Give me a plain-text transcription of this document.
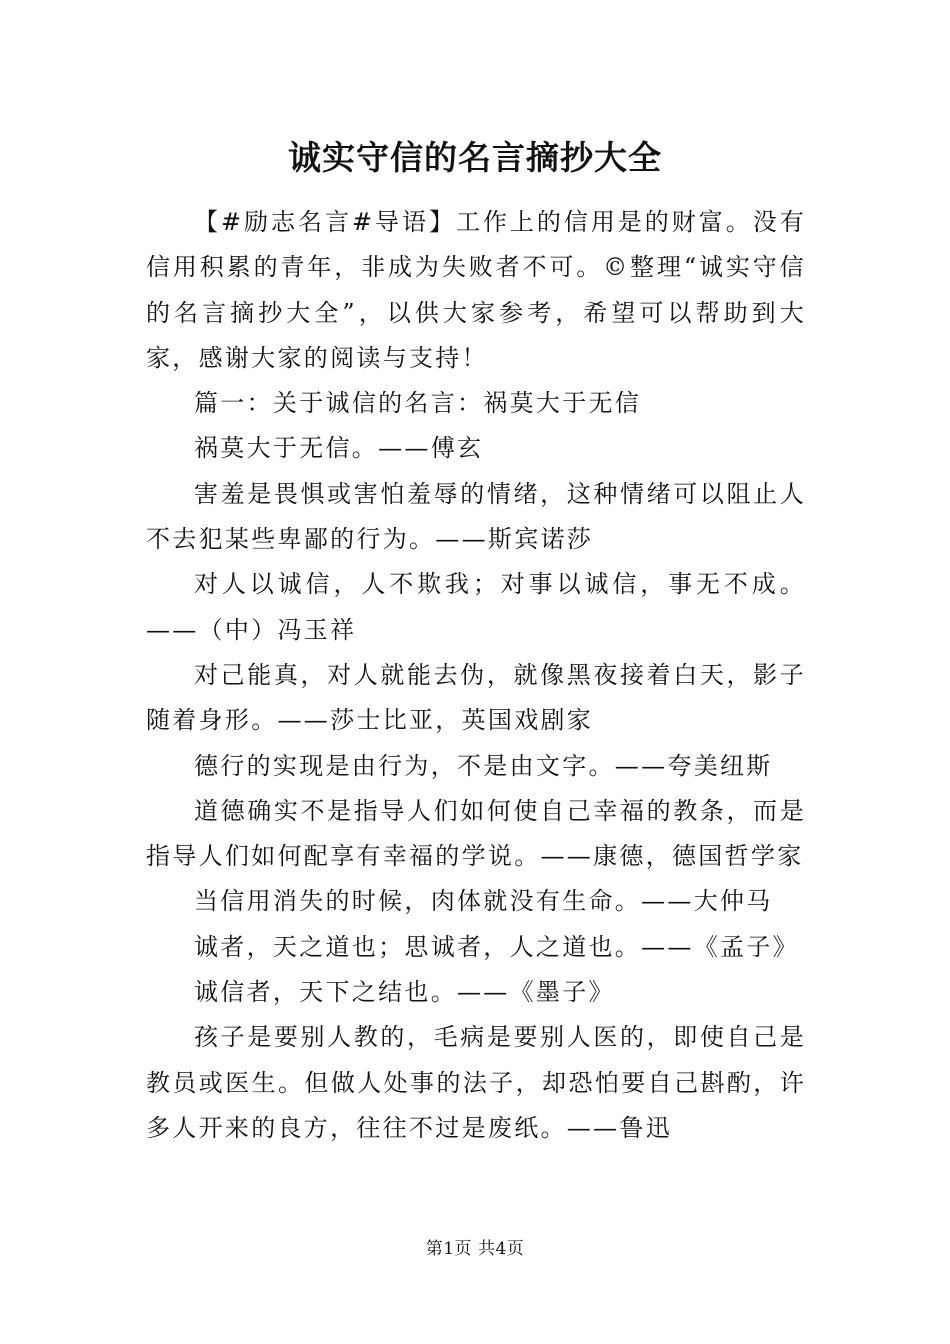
诚实守信的名言摘抄大全

【#励志名言#导语】工作上的信用是的财富。没有信用积累的青年，非成为失败者不可。©整理“诚实守信的名言摘抄大全”，以供大家参考，希望可以帮助到大家，感谢大家的阅读与支持！

篇一：关于诚信的名言：祸莫大于无信

祸莫大于无信。——傅玄

害羞是畏惧或害怕羞辱的情绪，这种情绪可以阻止人不去犯某些卑鄙的行为。——斯宾诺莎

对人以诚信，人不欺我；对事以诚信，事无不成。——（中）冯玉祥

对己能真，对人就能去伪，就像黑夜接着白天，影子随着身形。——莎士比亚，英国戏剧家

德行的实现是由行为，不是由文字。——夸美纽斯

道德确实不是指导人们如何使自己幸福的教条，而是指导人们如何配享有幸福的学说。——康德，德国哲学家

当信用消失的时候，肉体就没有生命。——大仲马

诚者，天之道也；思诚者，人之道也。——《孟子》

诚信者，天下之结也。——《墨子》

孩子是要别人教的，毛病是要别人医的，即使自己是教员或医生。但做人处事的法子，却恐怕要自己斟酌，许多人开来的良方，往往不过是废纸。——鲁迅

第1页 共4页
